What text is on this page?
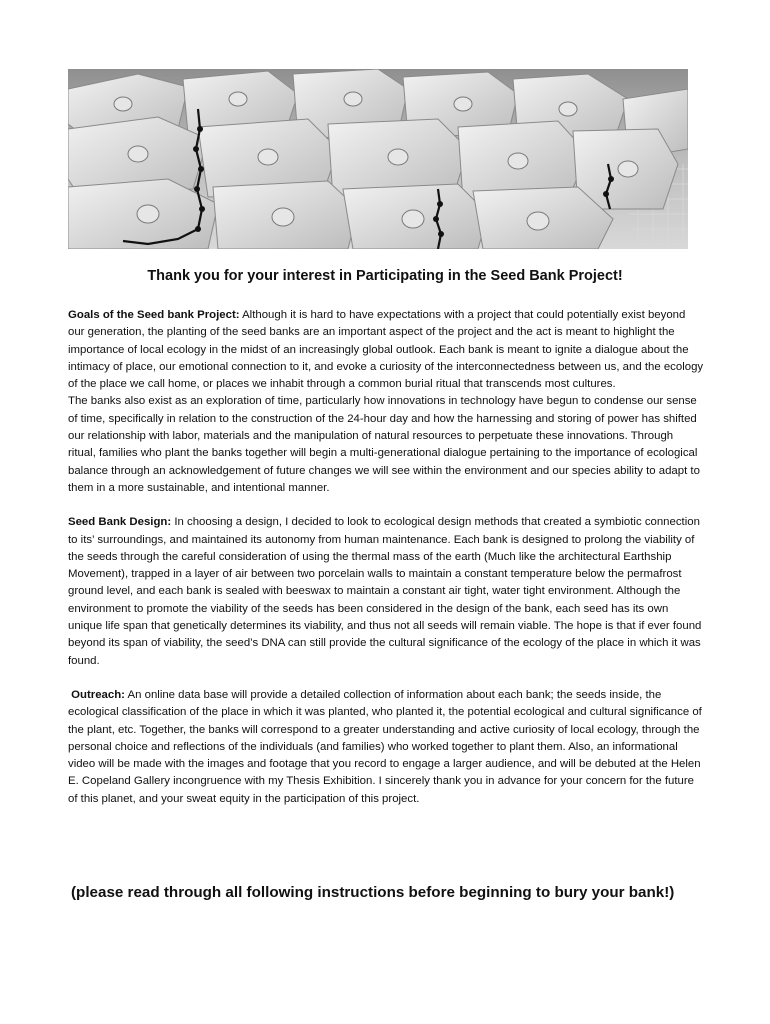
Thank you for your interest in Participating in the Seed Bank Project!

Goals of the Seed bank Project: Although it is hard to have expectations with a project that could potentially exist beyond our generation, the planting of the seed banks are an important aspect of the project and the act is meant to highlight the importance of local ecology in the midst of an increasingly global outlook. Each bank is meant to ignite a dialogue about the intimacy of place, our emotional connection to it, and evoke a curiosity of the interconnectedness between us, and the ecology of the place we call home, or places we inhabit through a common burial ritual that transcends most cultures.

The banks also exist as an exploration of time, particularly how innovations in technology have begun to condense our sense of time, specifically in relation to the construction of the 24-hour day and how the harnessing and storing of power has shifted our relationship with labor, materials and the manipulation of natural resources to perpetuate these innovations. Through ritual, families who plant the banks together will begin a multi-generational dialogue pertaining to the importance of ecological balance through an acknowledgement of future changes we will see within the environment and our species ability to adapt to them in a more sustainable, and intentional manner.

Seed Bank Design: In choosing a design, I decided to look to ecological design methods that created a symbiotic connection to its’ surroundings, and maintained its autonomy from human maintenance. Each bank is designed to prolong the viability of the seeds through the careful consideration of using the thermal mass of the earth (Much like the architectural Earthship Movement), trapped in a layer of air between two porcelain walls to maintain a constant temperature below the permafrost ground level, and each bank is sealed with beeswax to maintain a constant air tight, water tight environment. Although the environment to promote the viability of the seeds has been considered in the design of the bank, each seed has its own unique life span that genetically determines its viability, and thus not all seeds will remain viable. The hope is that if ever found beyond its span of viability, the seed’s DNA can still provide the cultural significance of the ecology of the place in which it was found.

Outreach: An online data base will provide a detailed collection of information about each bank; the seeds inside, the ecological classification of the place in which it was planted, who planted it, the potential ecological and cultural significance of the plant, etc. Together, the banks will correspond to a greater understanding and active curiosity of local ecology, through the personal choice and reflections of the individuals (and families) who worked together to plant them. Also, an informational video will be made with the images and footage that you record to engage a larger audience, and will be debuted at the Helen E. Copeland Gallery incongruence with my Thesis Exhibition. I sincerely thank you in advance for your concern for the future of this planet, and your sweat equity in the participation of this project.

(please read through all following instructions before beginning to bury your bank!)
